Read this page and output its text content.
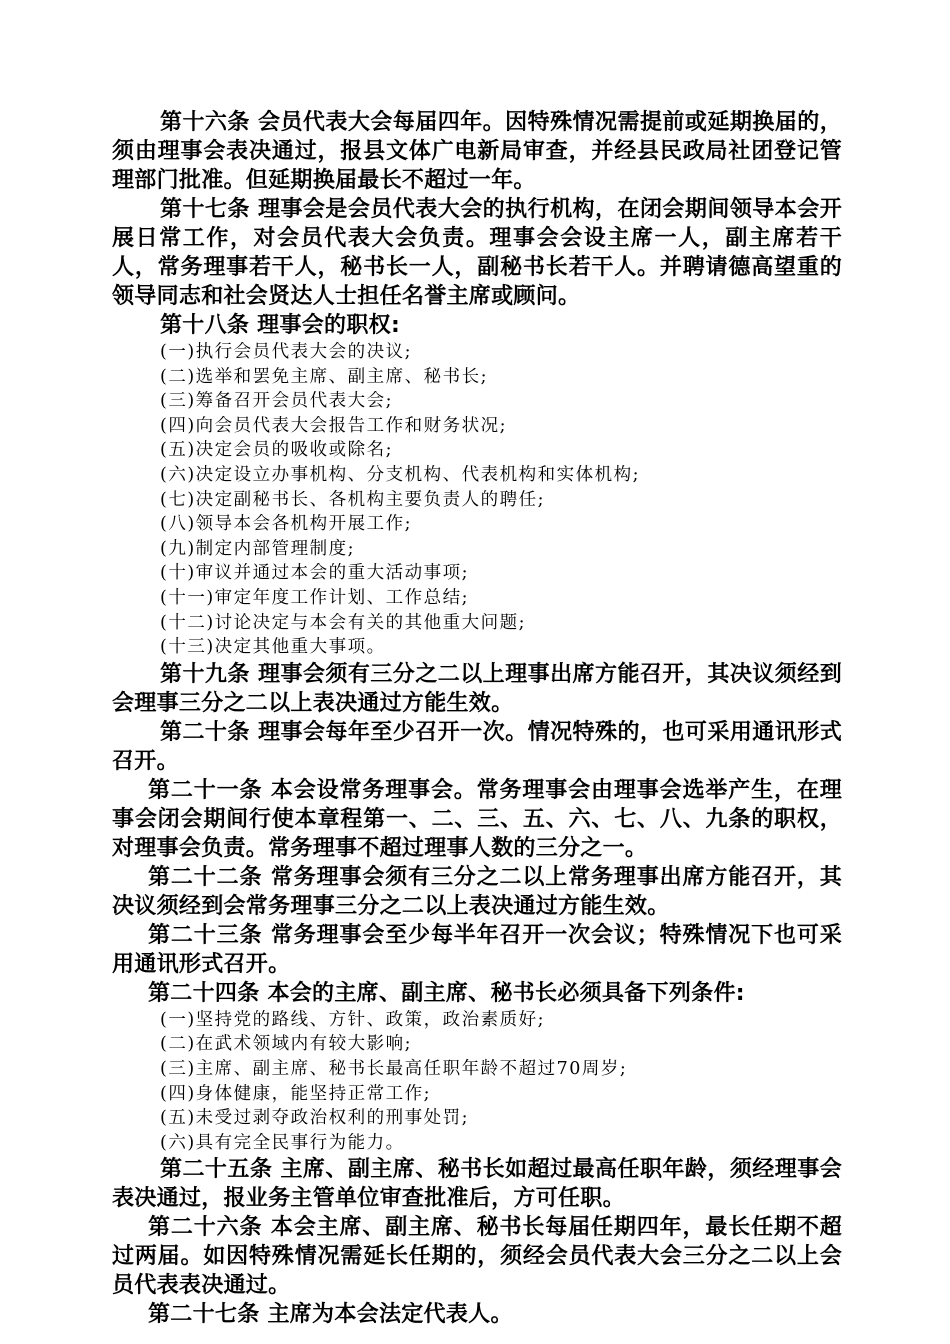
第十六条 会员代表大会每届四年。因特殊情况需提前或延期换届的，须由理事会表决通过，报县文体广电新局审查，并经县民政局社团登记管理部门批准。但延期换届最长不超过一年。

第十七条 理事会是会员代表大会的执行机构，在闭会期间领导本会开展日常工作，对会员代表大会负责。理事会会设主席一人，副主席若干人，常务理事若干人，秘书长一人，副秘书长若干人。并聘请德高望重的领导同志和社会贤达人士担任名誉主席或顾问。

第十八条 理事会的职权:

(一)执行会员代表大会的决议;

(二)选举和罢免主席、副主席、秘书长;

(三)筹备召开会员代表大会;

(四)向会员代表大会报告工作和财务状况;

(五)决定会员的吸收或除名;

(六)决定设立办事机构、分支机构、代表机构和实体机构;

(七)决定副秘书长、各机构主要负责人的聘任;

(八)领导本会各机构开展工作;

(九)制定内部管理制度;

(十)审议并通过本会的重大活动事项;

(十一)审定年度工作计划、工作总结;

(十二)讨论决定与本会有关的其他重大问题;

(十三)决定其他重大事项。

第十九条 理事会须有三分之二以上理事出席方能召开，其决议须经到会理事三分之二以上表决通过方能生效。

第二十条 理事会每年至少召开一次。情况特殊的，也可采用通讯形式召开。

第二十一条 本会设常务理事会。常务理事会由理事会选举产生，在理事会闭会期间行使本章程第一、二、三、五、六、七、八、九条的职权，对理事会负责。常务理事不超过理事人数的三分之一。

第二十二条 常务理事会须有三分之二以上常务理事出席方能召开，其决议须经到会常务理事三分之二以上表决通过方能生效。

第二十三条 常务理事会至少每半年召开一次会议；特殊情况下也可采用通讯形式召开。

第二十四条 本会的主席、副主席、秘书长必须具备下列条件:

(一)坚持党的路线、方针、政策，政治素质好;

(二)在武术领域内有较大影响;

(三)主席、副主席、秘书长最高任职年龄不超过70周岁;

(四)身体健康，能坚持正常工作;

(五)未受过剥夺政治权利的刑事处罚;

(六)具有完全民事行为能力。

第二十五条 主席、副主席、秘书长如超过最高任职年龄，须经理事会表决通过，报业务主管单位审查批准后，方可任职。

第二十六条 本会主席、副主席、秘书长每届任期四年，最长任期不超过两届。如因特殊情况需延长任期的，须经会员代表大会三分之二以上会员代表表决通过。

第二十七条 主席为本会法定代表人。
